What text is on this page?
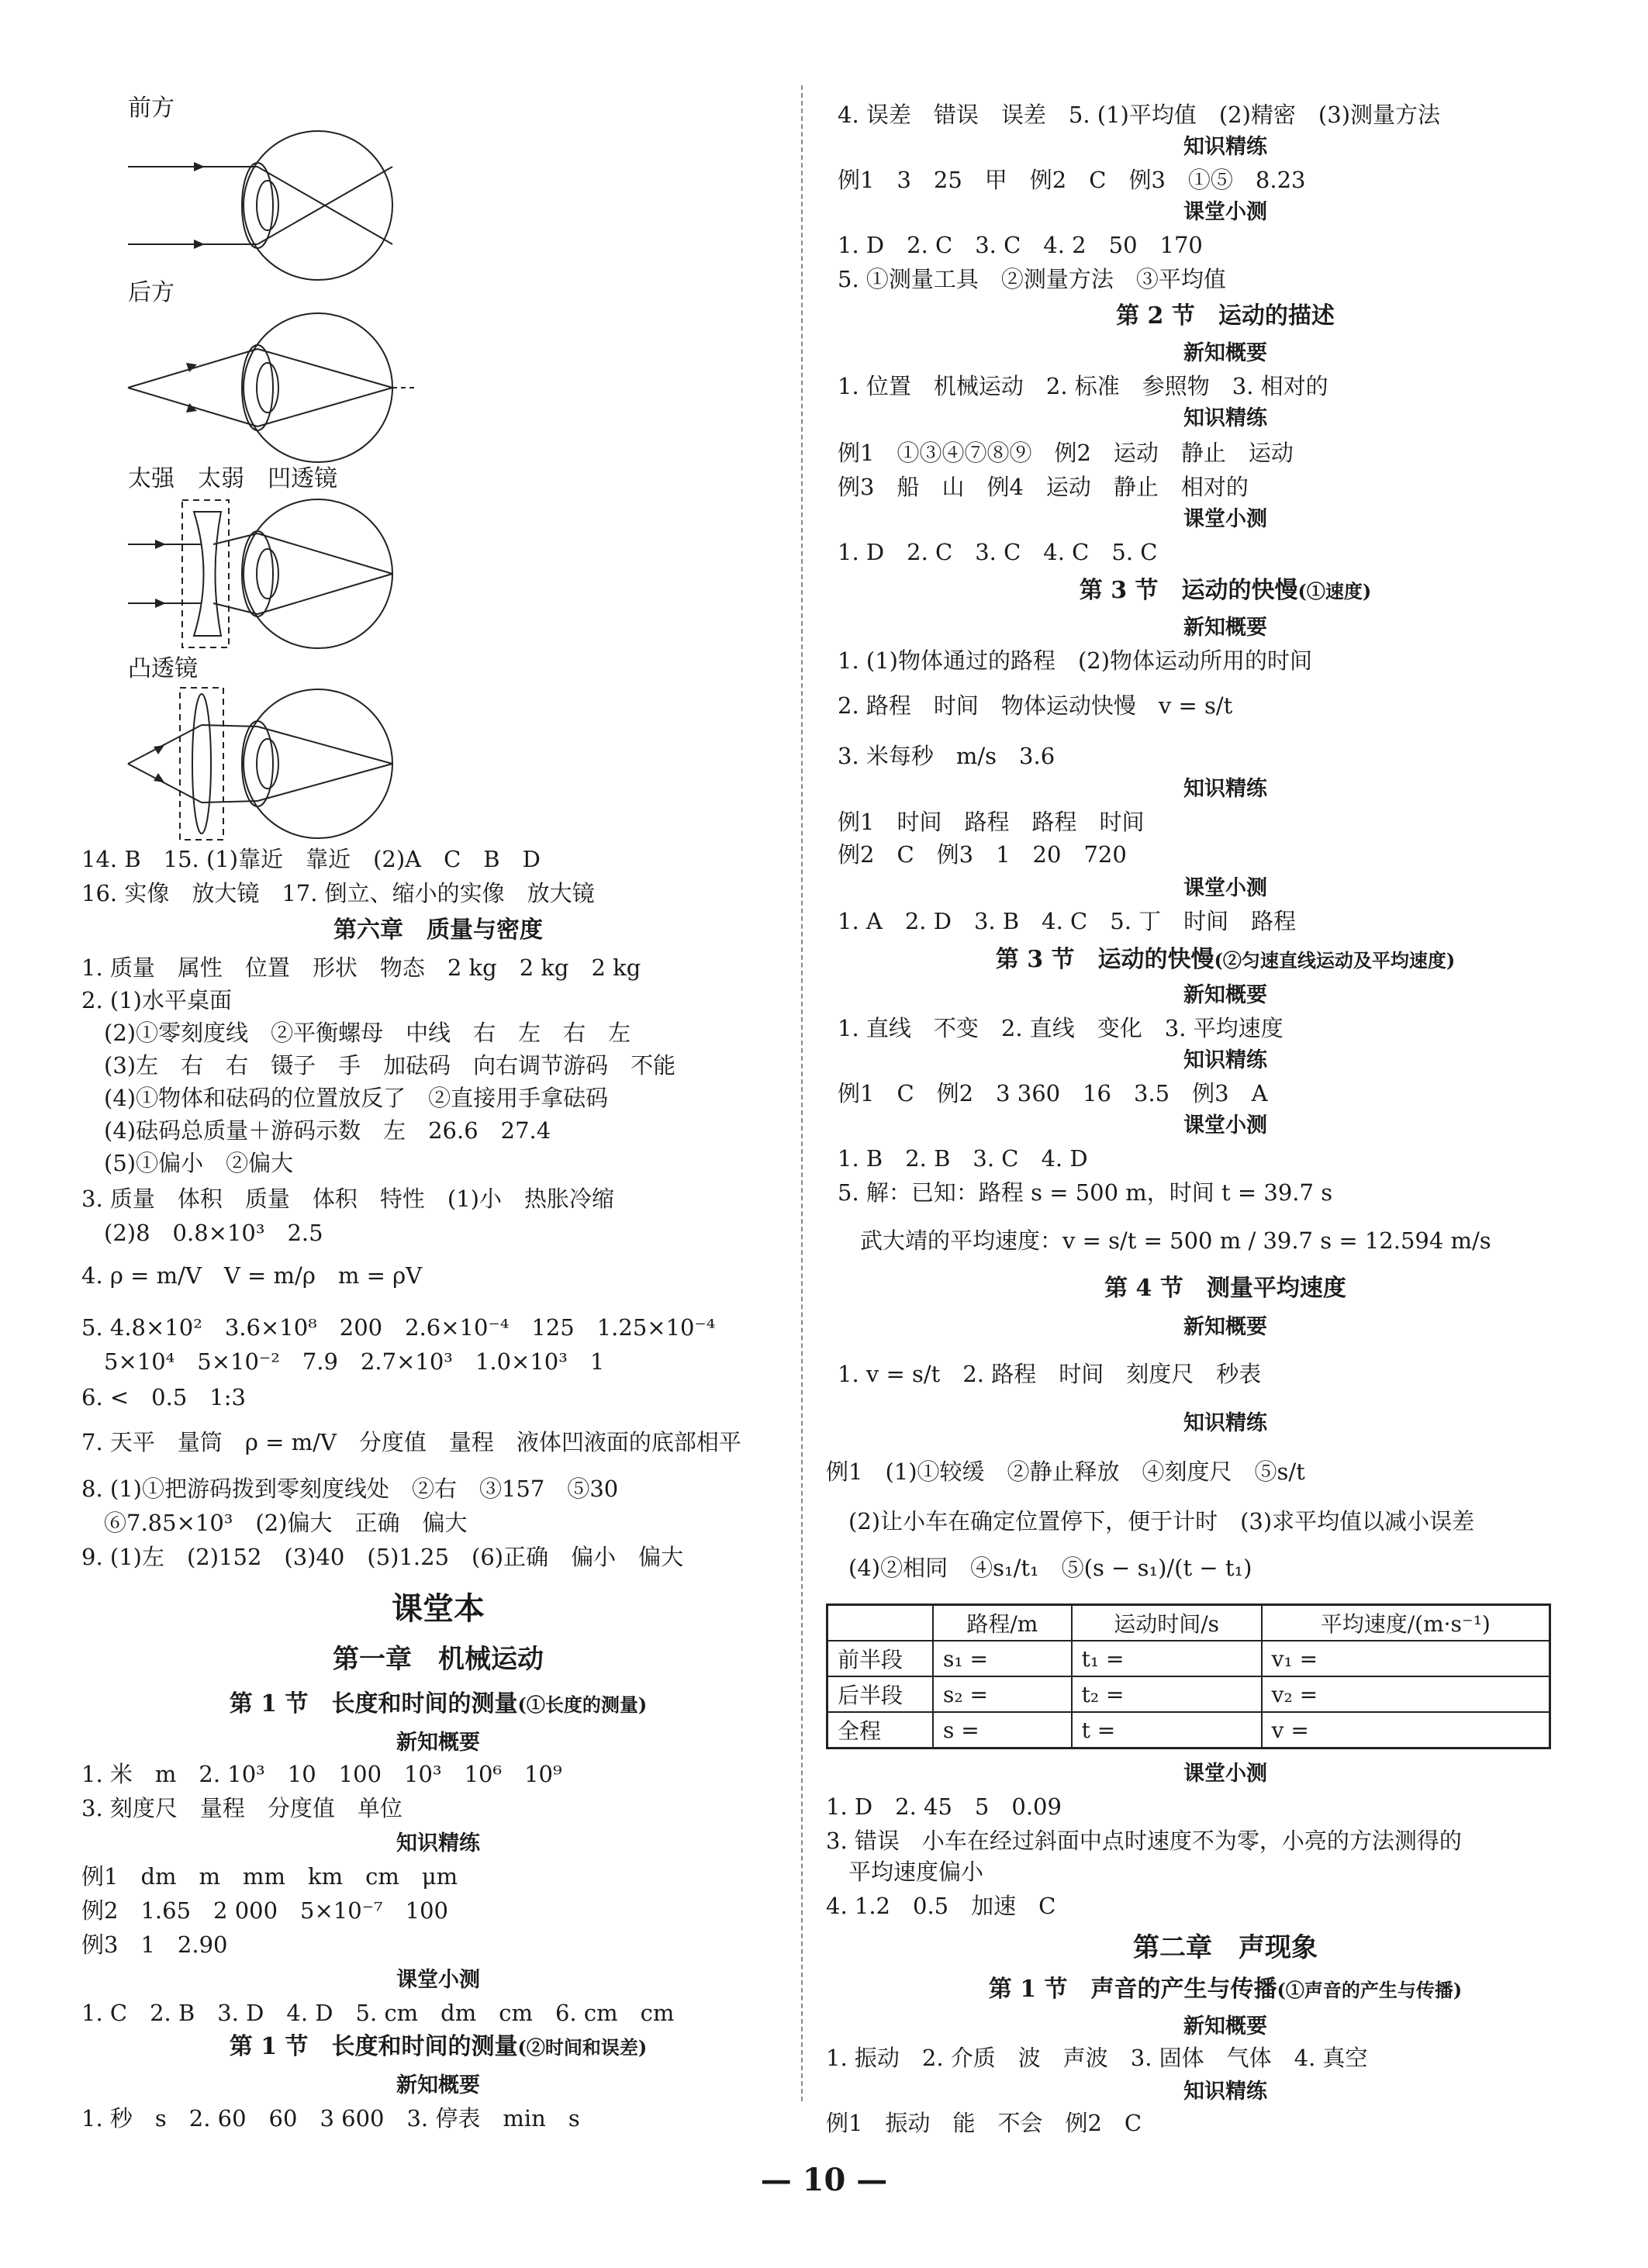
前方
后方
太强　太弱　凹透镜
凸透镜
14. B　15. (1)靠近　靠近　(2)A　C　B　D
16. 实像　放大镜　17. 倒立、缩小的实像　放大镜
第六章　质量与密度
1. 质量　属性　位置　形状　物态　2 kg　2 kg　2 kg
2. (1)水平桌面
　(2)①零刻度线　②平衡螺母　中线　右　左　右　左
　(3)左　右　右　镊子　手　加砝码　向右调节游码　不能
　(4)①物体和砝码的位置放反了　②直接用手拿砝码
　(4)砝码总质量＋游码示数　左　26.6　27.4
　(5)①偏小　②偏大
3. 质量　体积　质量　体积　特性　(1)小　热胀冷缩
　(2)8　0.8×10³　2.5
4. ρ = m/V　V = m/ρ　m = ρV
5. 4.8×10²　3.6×10⁸　200　2.6×10⁻⁴　125　1.25×10⁻⁴
　5×10⁴　5×10⁻²　7.9　2.7×10³　1.0×10³　1
6. <　0.5　1:3
7. 天平　量筒　ρ = m/V　分度值　量程　液体凹液面的底部相平
8. (1)①把游码拨到零刻度线处　②右　③157　⑤30
　⑥7.85×10³　(2)偏大　正确　偏大
9. (1)左　(2)152　(3)40　(5)1.25　(6)正确　偏小　偏大
课堂本
第一章　机械运动
第 1 节　长度和时间的测量(①长度的测量)
新知概要
1. 米　m　2. 10³　10　100　10³　10⁶　10⁹
3. 刻度尺　量程　分度值　单位
知识精练
例1　dm　m　mm　km　cm　μm
例2　1.65　2 000　5×10⁻⁷　100
例3　1　2.90
课堂小测
1. C　2. B　3. D　4. D　5. cm　dm　cm　6. cm　cm
第 1 节　长度和时间的测量(②时间和误差)
新知概要
1. 秒　s　2. 60　60　3 600　3. 停表　min　s
4. 误差　错误　误差　5. (1)平均值　(2)精密　(3)测量方法
知识精练
例1　3　25　甲　例2　C　例3　①⑤　8.23
课堂小测
1. D　2. C　3. C　4. 2　50　170
5. ①测量工具　②测量方法　③平均值
第 2 节　运动的描述
新知概要
1. 位置　机械运动　2. 标准　参照物　3. 相对的
知识精练
例1　①③④⑦⑧⑨　例2　运动　静止　运动
例3　船　山　例4　运动　静止　相对的
课堂小测
1. D　2. C　3. C　4. C　5. C
第 3 节　运动的快慢(①速度)
新知概要
1. (1)物体通过的路程　(2)物体运动所用的时间
2. 路程　时间　物体运动快慢　v = s/t
3. 米每秒　m/s　3.6
知识精练
例1　时间　路程　路程　时间
例2　C　例3　1　20　720
课堂小测
1. A　2. D　3. B　4. C　5. 丁　时间　路程
第 3 节　运动的快慢(②匀速直线运动及平均速度)
新知概要
1. 直线　不变　2. 直线　变化　3. 平均速度
知识精练
例1　C　例2　3 360　16　3.5　例3　A
课堂小测
1. B　2. B　3. C　4. D
5. 解：已知：路程 s = 500 m，时间 t = 39.7 s
　武大靖的平均速度：v = s/t = 500 m / 39.7 s = 12.594 m/s
第 4 节　测量平均速度
新知概要
1. v = s/t　2. 路程　时间　刻度尺　秒表
知识精练
例1　(1)①较缓　②静止释放　④刻度尺　⑤s/t
　(2)让小车在确定位置停下，便于计时　(3)求平均值以减小误差
　(4)②相同　④s₁/t₁　⑤(s − s₁)/(t − t₁)
	路程/m	运动时间/s	平均速度/(m·s⁻¹)
前半段	s₁ =	t₁ =	v₁ =
后半段	s₂ =	t₂ =	v₂ =
全程	s =	t =	v =
课堂小测
1. D　2. 45　5　0.09
3. 错误　小车在经过斜面中点时速度不为零，小亮的方法测得的
　平均速度偏小
4. 1.2　0.5　加速　C
第二章　声现象
第 1 节　声音的产生与传播(①声音的产生与传播)
新知概要
1. 振动　2. 介质　波　声波　3. 固体　气体　4. 真空
知识精练
例1　振动　能　不会　例2　C
— 10 —
